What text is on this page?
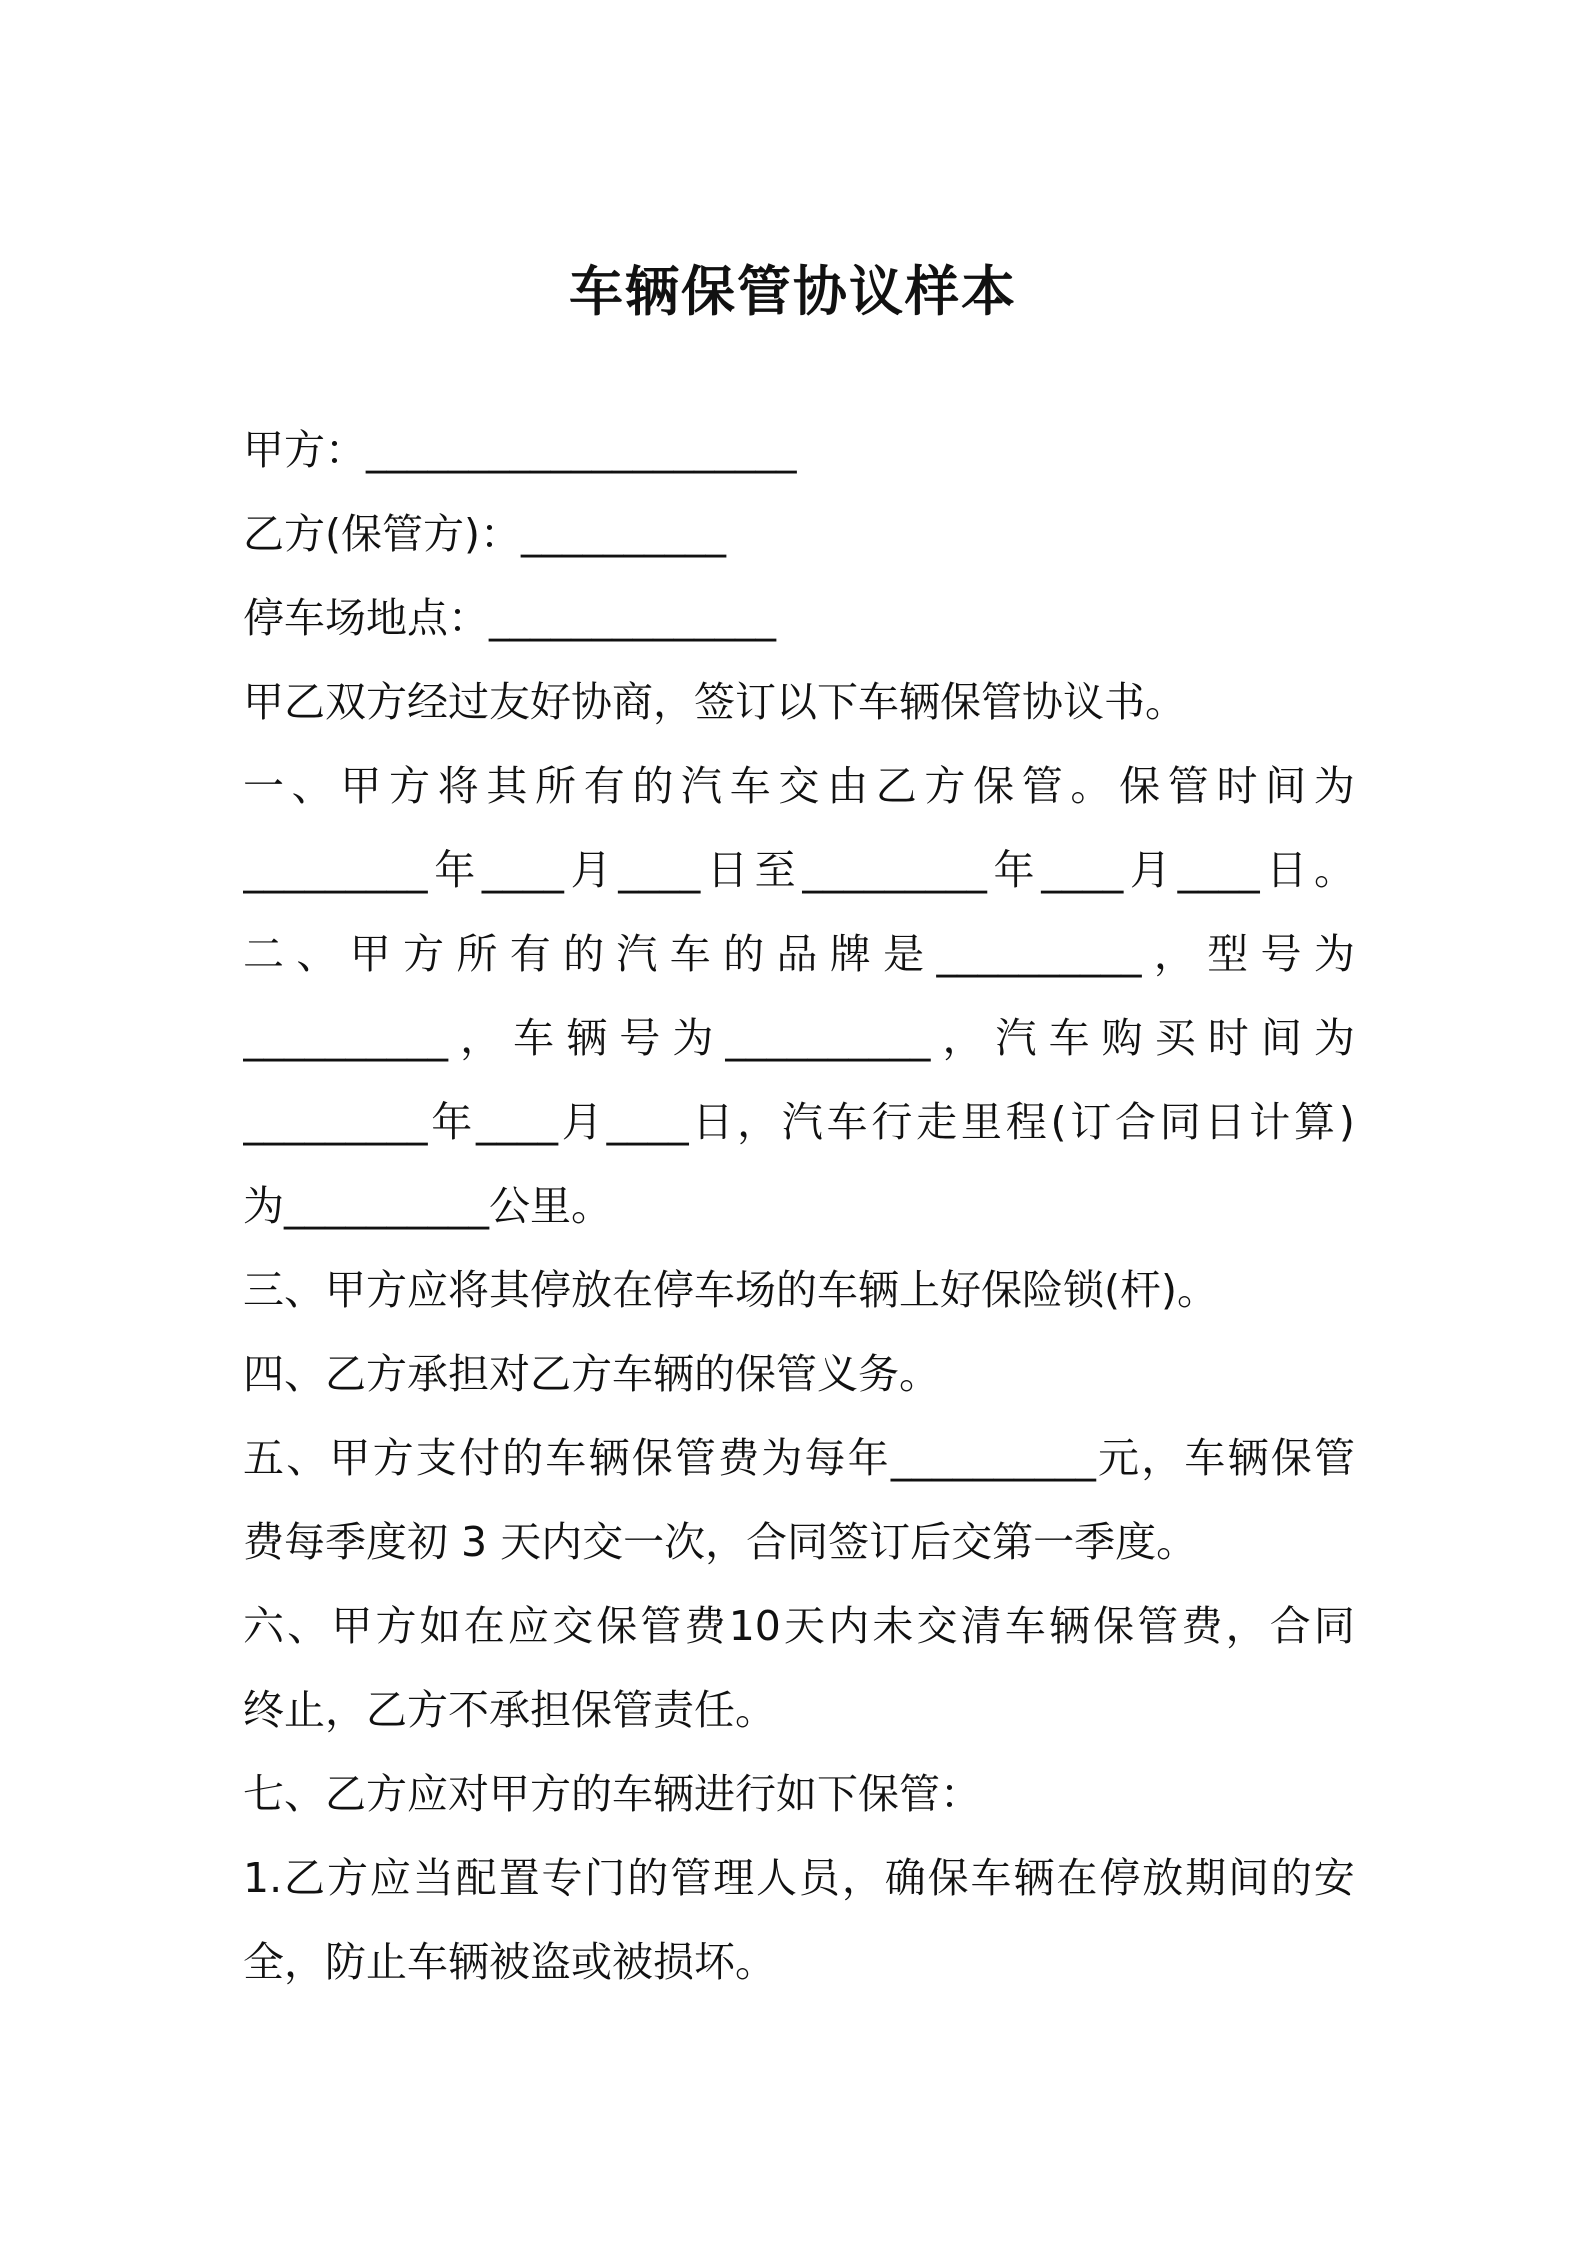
车辆保管协议样本
甲方：_____________________
乙方(保管方)：__________
停车场地点：______________
甲乙双方经过友好协商，签订以下车辆保管协议书。
一 、 甲 方 将 其 所 有 的 汽 车 交 由 乙 方 保 管 。 保 管 时 间 为
_________ 年 ____ 月 ____ 日 至 _________ 年 ____ 月 ____ 日 。
二 、 甲 方 所 有 的 汽 车 的 品 牌 是 __________ ， 型 号 为
__________ ， 车 辆 号 为 __________ ， 汽 车 购 买 时 间 为
_________ 年 ____ 月 ____ 日 ， 汽 车 行 走 里 程 ( 订 合 同 日 计 算 )
为__________公里。
三、甲方应将其停放在停车场的车辆上好保险锁(杆)。
四、乙方承担对乙方车辆的保管义务。
五 、 甲 方 支 付 的 车 辆 保 管 费 为 每 年 __________ 元 ， 车 辆 保 管
费每季度初 3 天内交一次，合同签订后交第一季度。
六 、 甲 方 如 在 应 交 保 管 费 10 天 内 未 交 清 车 辆 保 管 费 ， 合 同
终止，乙方不承担保管责任。
七、乙方应对甲方的车辆进行如下保管：
1. 乙 方 应 当 配 置 专 门 的 管 理 人 员 ， 确 保 车 辆 在 停 放 期 间 的 安
全，防止车辆被盗或被损坏。
